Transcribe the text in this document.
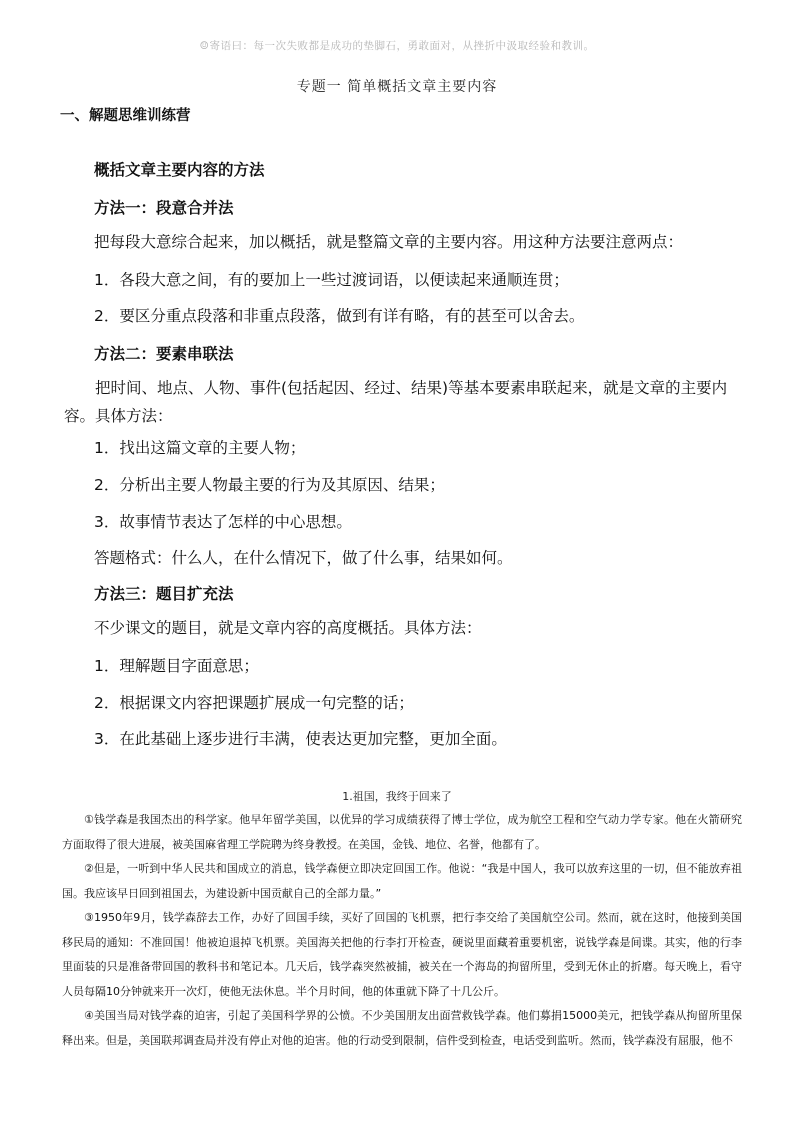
☺寄语曰：每一次失败都是成功的垫脚石，勇敢面对，从挫折中汲取经验和教训。
专题一 简单概括文章主要内容
一、解题思维训练营
概括文章主要内容的方法
方法一：段意合并法
把每段大意综合起来，加以概括，就是整篇文章的主要内容。用这种方法要注意两点：
1．各段大意之间，有的要加上一些过渡词语，以便读起来通顺连贯；
2．要区分重点段落和非重点段落，做到有详有略，有的甚至可以舍去。
方法二：要素串联法
把时间、地点、人物、事件(包括起因、经过、结果)等基本要素串联起来，就是文章的主要内容。具体方法：
1．找出这篇文章的主要人物；
2．分析出主要人物最主要的行为及其原因、结果；
3．故事情节表达了怎样的中心思想。
答题格式：什么人，在什么情况下，做了什么事，结果如何。
方法三：题目扩充法
不少课文的题目，就是文章内容的高度概括。具体方法：
1．理解题目字面意思；
2．根据课文内容把课题扩展成一句完整的话；
3．在此基础上逐步进行丰满，使表达更加完整，更加全面。
1.祖国，我终于回来了
①钱学森是我国杰出的科学家。他早年留学美国，以优异的学习成绩获得了博士学位，成为航空工程和空气动力学专家。他在火箭研究方面取得了很大进展，被美国麻省理工学院聘为终身教授。在美国，金钱、地位、名誉，他都有了。
②但是，一听到中华人民共和国成立的消息，钱学森便立即决定回国工作。他说：“我是中国人，我可以放弃这里的一切，但不能放弃祖国。我应该早日回到祖国去，为建设新中国贡献自己的全部力量。”
③1950年9月，钱学森辞去工作，办好了回国手续，买好了回国的飞机票，把行李交给了美国航空公司。然而，就在这时，他接到美国移民局的通知：不准回国！他被迫退掉飞机票。美国海关把他的行李打开检查，硬说里面藏着重要机密，说钱学森是间谍。其实，他的行李里面装的只是准备带回国的教科书和笔记本。几天后，钱学森突然被捕，被关在一个海岛的拘留所里，受到无休止的折磨。每天晚上，看守人员每隔10分钟就来开一次灯，使他无法休息。半个月时间，他的体重就下降了十几公斤。
④美国当局对钱学森的迫害，引起了美国科学界的公愤。不少美国朋友出面营救钱学森。他们募捐15000美元，把钱学森从拘留所里保释出来。但是，美国联邦调查局并没有停止对他的迫害。他的行动受到限制，信件受到检查，电话受到监听。然而，钱学森没有屈服，他不
